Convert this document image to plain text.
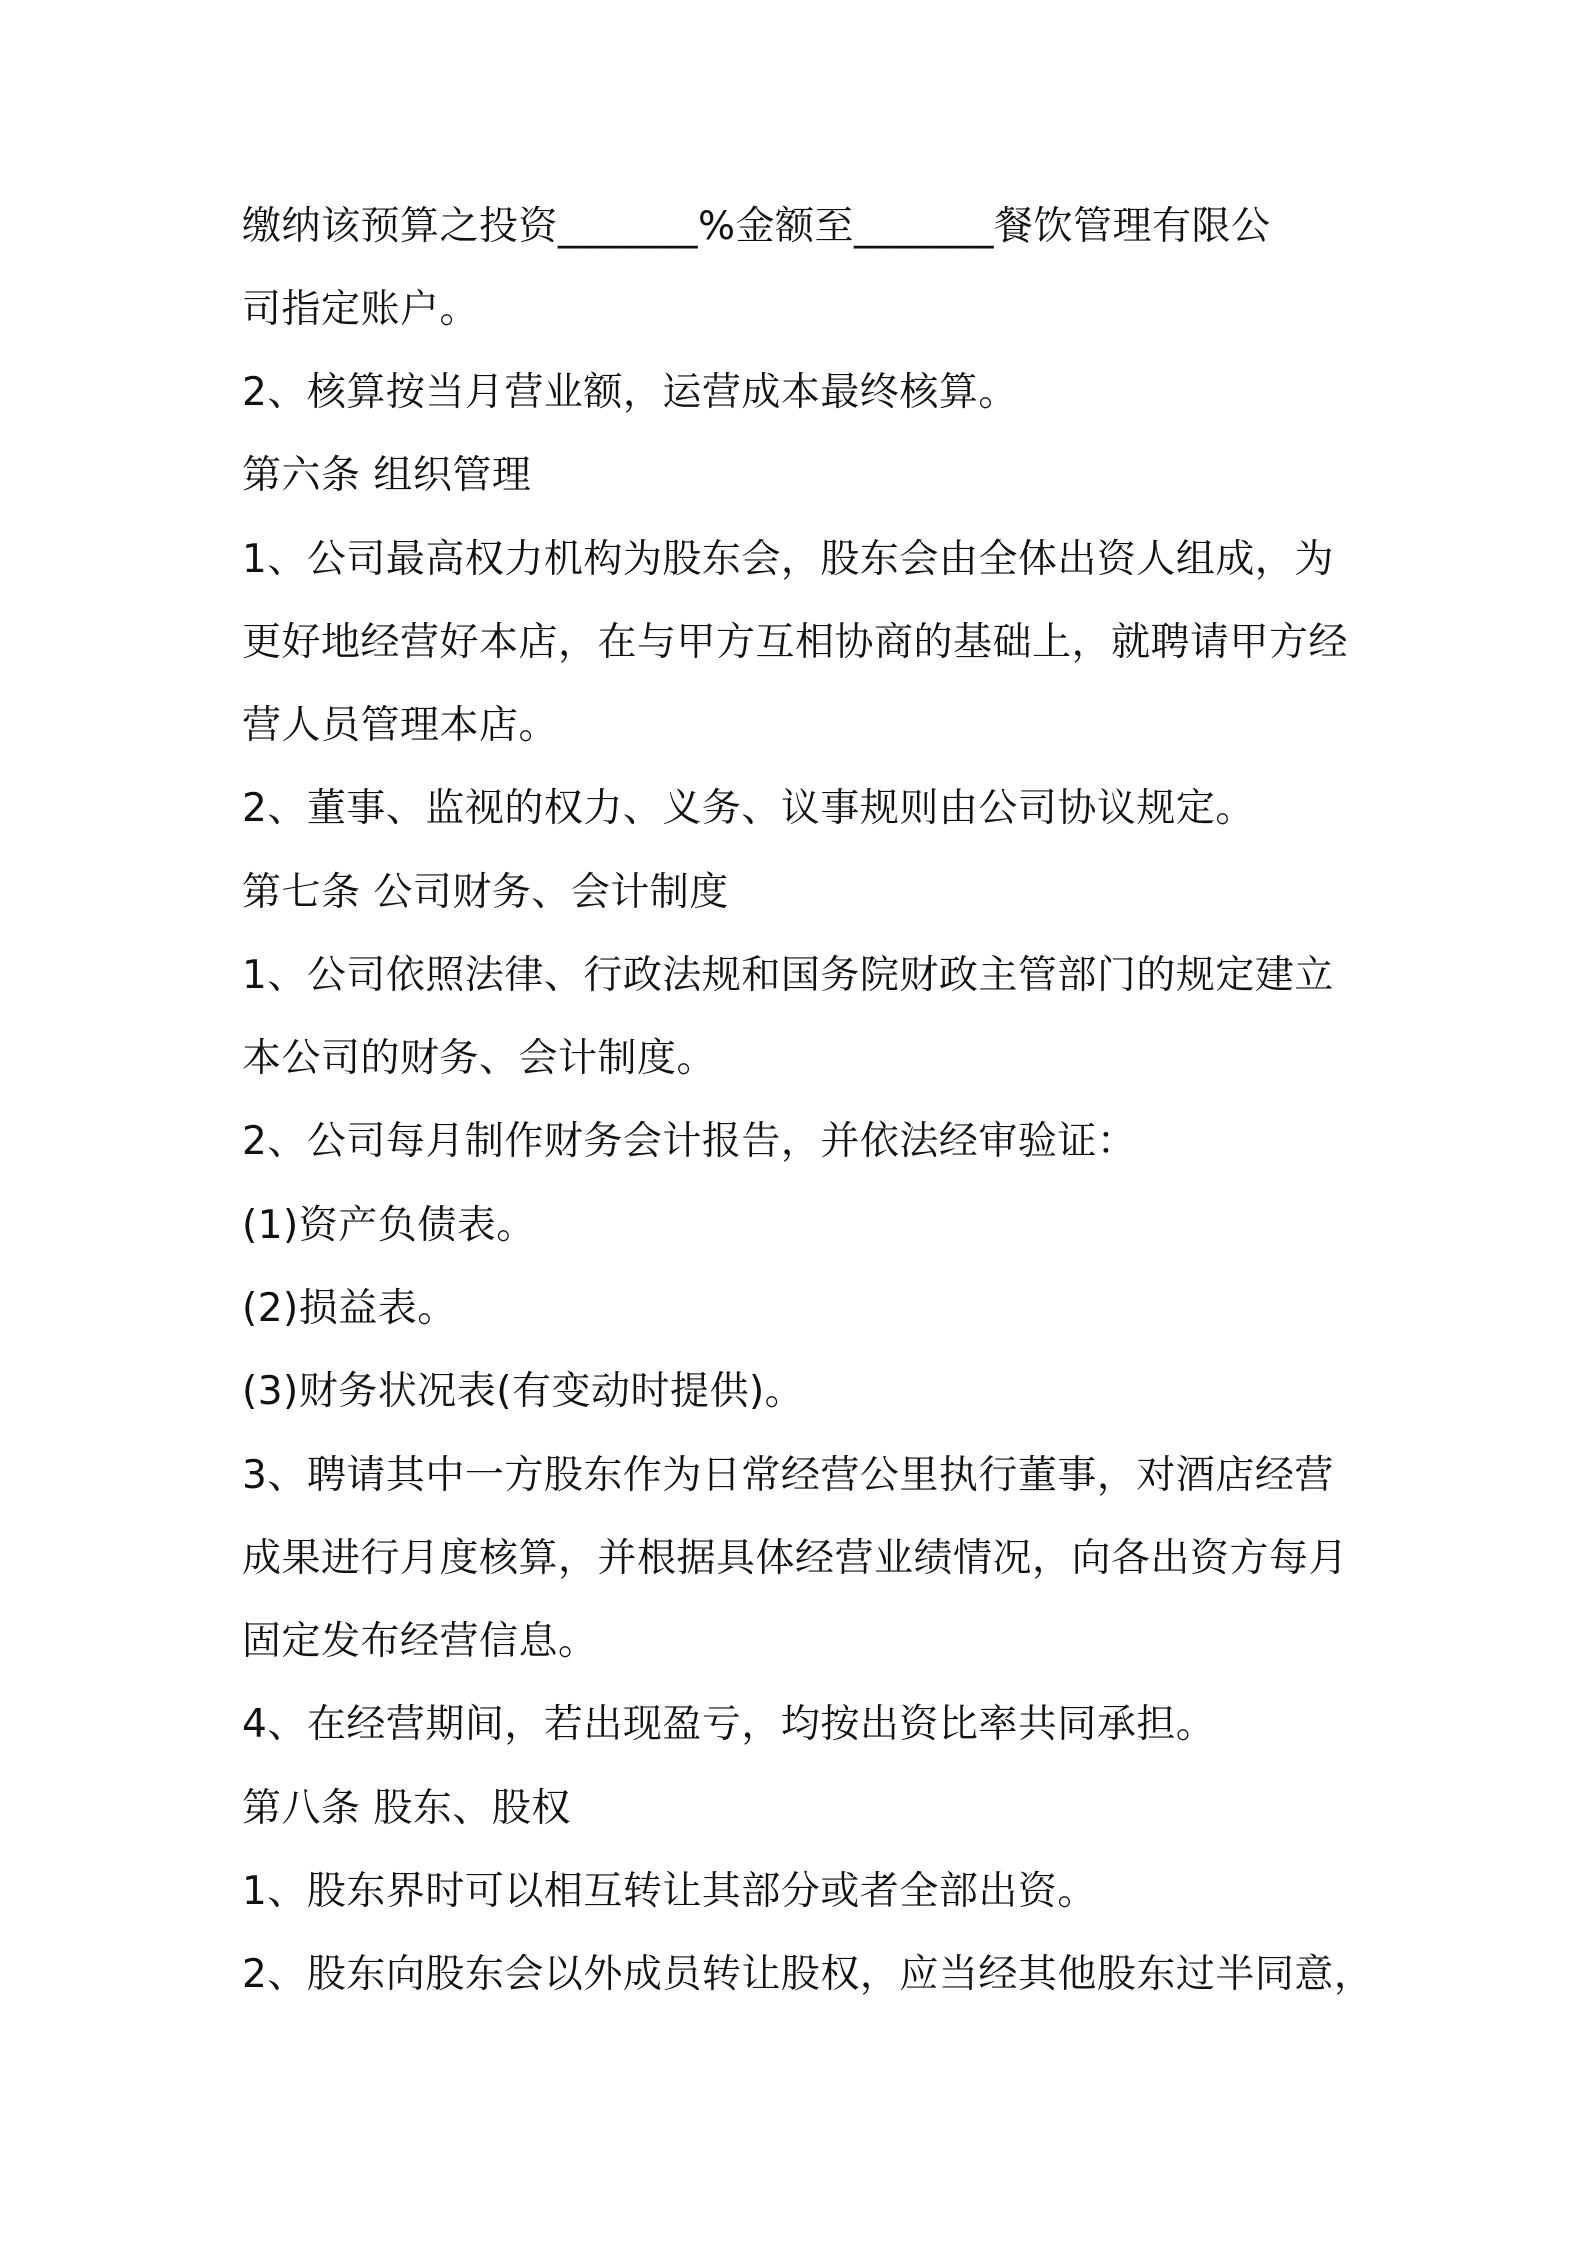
缴纳该预算之投资_______%金额至_______餐饮管理有限公
司指定账户。
2、核算按当月营业额，运营成本最终核算。
第六条 组织管理
1、公司最高权力机构为股东会，股东会由全体出资人组成，为
更好地经营好本店，在与甲方互相协商的基础上，就聘请甲方经
营人员管理本店。
2、董事、监视的权力、义务、议事规则由公司协议规定。
第七条 公司财务、会计制度
1、公司依照法律、行政法规和国务院财政主管部门的规定建立
本公司的财务、会计制度。
2、公司每月制作财务会计报告，并依法经审验证：
(1)资产负债表。
(2)损益表。
(3)财务状况表(有变动时提供)。
3、聘请其中一方股东作为日常经营公里执行董事，对酒店经营
成果进行月度核算，并根据具体经营业绩情况，向各出资方每月
固定发布经营信息。
4、在经营期间，若出现盈亏，均按出资比率共同承担。
第八条 股东、股权
1、股东界时可以相互转让其部分或者全部出资。
2、股东向股东会以外成员转让股权，应当经其他股东过半同意，
